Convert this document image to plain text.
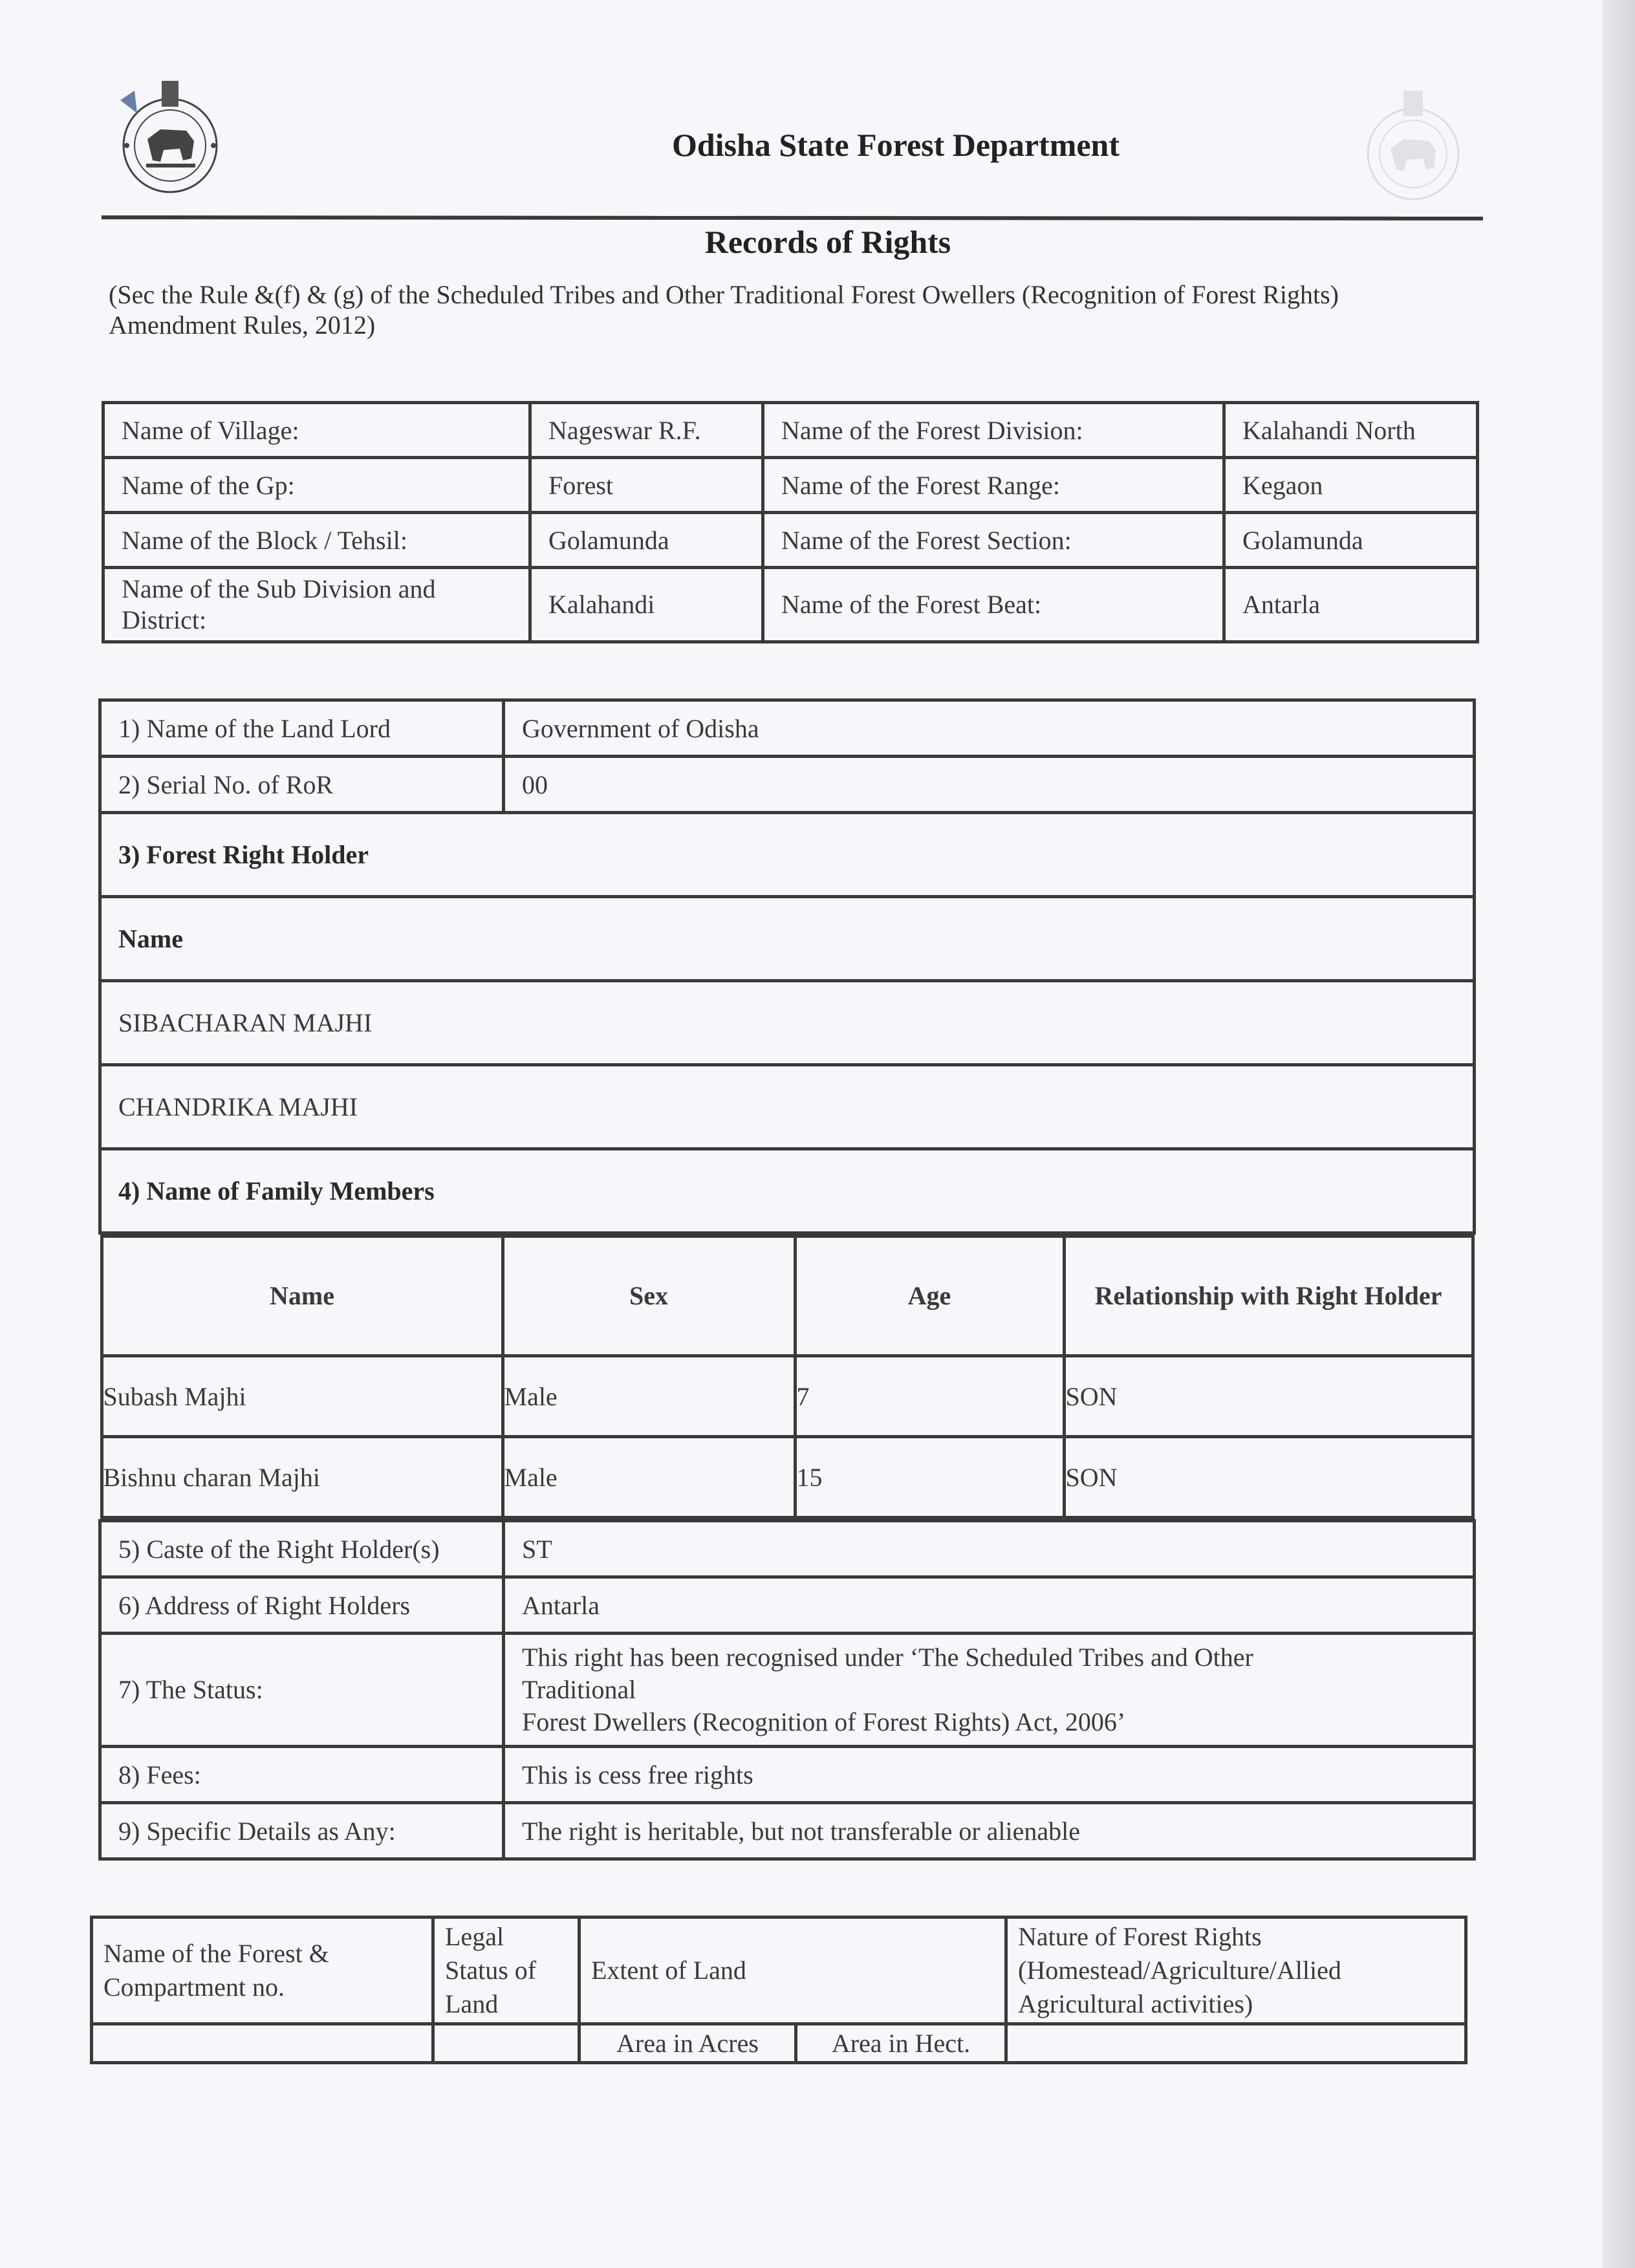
Odisha State Forest Department
Records of Rights
(Sec the Rule &(f) & (g) of the Scheduled Tribes and Other Traditional Forest Owellers (Recognition of Forest Rights) Amendment Rules, 2012)
Name of Village:	Nageswar R.F.	Name of the Forest Division:	Kalahandi North
Name of the Gp:	Forest	Name of the Forest Range:	Kegaon
Name of the Block / Tehsil:	Golamunda	Name of the Forest Section:	Golamunda
Name of the Sub Division and District:	Kalahandi	Name of the Forest Beat:	Antarla
1) Name of the Land Lord	Government of Odisha
2) Serial No. of RoR	00
3) Forest Right Holder
Name
SIBACHARAN MAJHI
CHANDRIKA MAJHI
4) Name of Family Members

Name	Sex	Age	Relationship with Right Holder
Subash Majhi	Male	7	SON
Bishnu charan Majhi	Male	15	SON

5) Caste of the Right Holder(s)	ST
6) Address of Right Holders	Antarla
7) The Status:	
This right has been recognised under ‘The Scheduled Tribes and Other
Traditional
Forest Dwellers (Recognition of Forest Rights) Act, 2006’

8) Fees:	This is cess free rights
9) Specific Details as Any:	The right is heritable, but not transferable or alienable
Name of the Forest & Compartment no.	Legal Status of Land	Extent of Land		Nature of Forest Rights (Homestead/Agriculture/Allied Agricultural activities)
		Area in Acres	Area in Hect.	
